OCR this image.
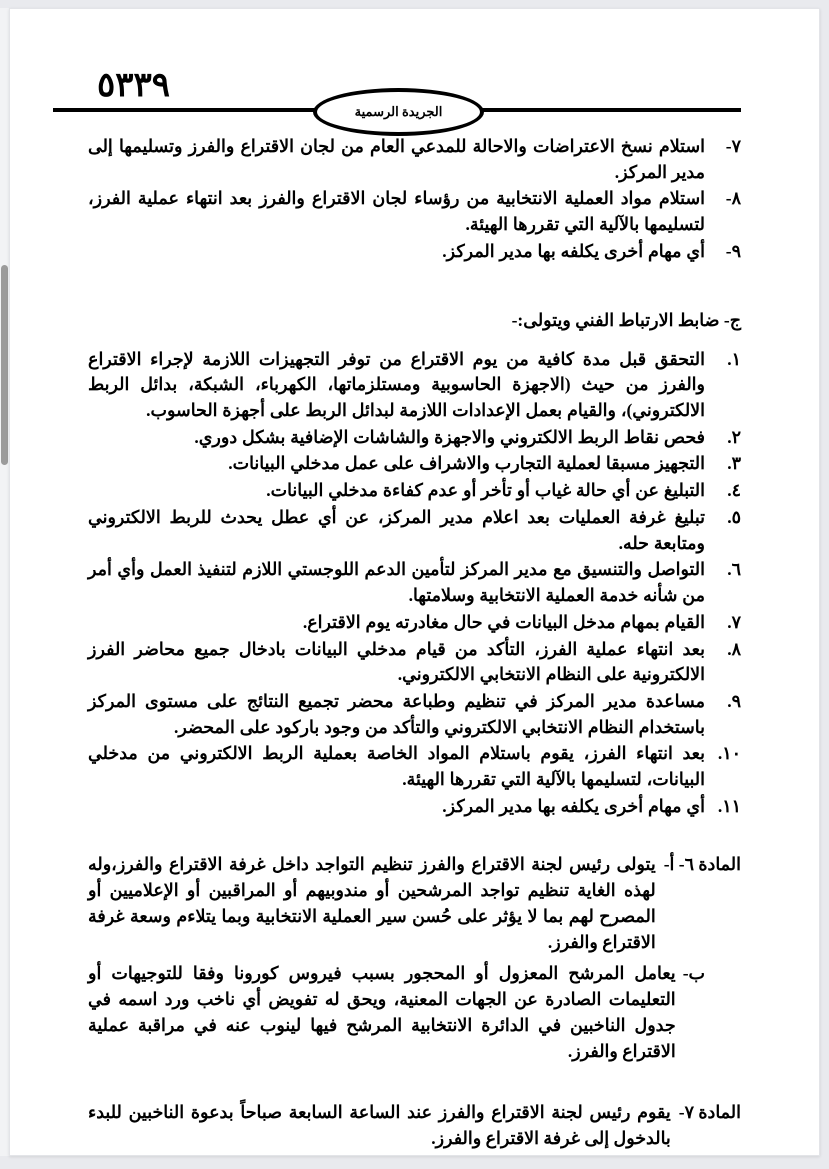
٥٣٣٩
الجريدة الرسمية
٧-
استلام نسخ الاعتراضات والاحالة للمدعي العام من لجان الاقتراع والفرز وتسليمها إلى مدير المركز.
٨-
استلام مواد العملية الانتخابية من رؤساء لجان الاقتراع والفرز بعد انتهاء عملية الفرز، لتسليمها بالآلية التي تقررها الهيئة.
٩-
أي مهام أخرى يكلفه بها مدير المركز.
ج- ضابط الارتباط الفني ويتولى:-
١.
التحقق قبل مدة كافية من يوم الاقتراع من توفر التجهيزات اللازمة لإجراء الاقتراع والفرز من حيث (الاجهزة الحاسوبية ومستلزماتها، الكهرباء، الشبكة، بدائل الربط الالكتروني)، والقيام بعمل الإعدادات اللازمة لبدائل الربط على أجهزة الحاسوب.
٢.
فحص نقاط الربط الالكتروني والاجهزة والشاشات الإضافية بشكل دوري.
٣.
التجهيز مسبقا لعملية التجارب والاشراف على عمل مدخلي البيانات.
٤.
التبليغ عن أي حالة غياب أو تأخر أو عدم كفاءة مدخلي البيانات.
٥.
تبليغ غرفة العمليات بعد اعلام مدير المركز، عن أي عطل يحدث للربط الالكتروني ومتابعة حله.
٦.
التواصل والتنسيق مع مدير المركز لتأمين الدعم اللوجستي اللازم لتنفيذ العمل وأي أمر من شأنه خدمة العملية الانتخابية وسلامتها.
٧.
القيام بمهام مدخل البيانات في حال مغادرته يوم الاقتراع.
٨.
بعد انتهاء عملية الفرز، التأكد من قيام مدخلي البيانات بادخال جميع محاضر الفرز الالكترونية على النظام الانتخابي الالكتروني.
٩.
مساعدة مدير المركز في تنظيم وطباعة محضر تجميع النتائج على مستوى المركز باستخدام النظام الانتخابي الالكتروني والتأكد من وجود باركود على المحضر.
١٠.
بعد انتهاء الفرز، يقوم باستلام المواد الخاصة بعملية الربط الالكتروني من مدخلي البيانات، لتسليمها بالآلية التي تقررها الهيئة.
١١.
أي مهام أخرى يكلفه بها مدير المركز.
المادة ٦- أ-
يتولى رئيس لجنة الاقتراع والفرز تنظيم التواجد داخل غرفة الاقتراع والفرز،وله لهذه الغاية تنظيم تواجد المرشحين أو مندوبيهم أو المراقبين أو الإعلاميين أو المصرح لهم بما لا يؤثر على حُسن سير العملية الانتخابية وبما يتلاءم وسعة غرفة الاقتراع والفرز.
ب-
يعامل المرشح المعزول أو المحجور بسبب فيروس كورونا وفقا للتوجيهات أو التعليمات الصادرة عن الجهات المعنية، ويحق له تفويض أي ناخب ورد اسمه في جدول الناخبين في الدائرة الانتخابية المرشح فيها لينوب عنه في مراقبة عملية الاقتراع والفرز.
المادة ٧-
يقوم رئيس لجنة الاقتراع والفرز عند الساعة السابعة صباحاً بدعوة الناخبين للبدء بالدخول إلى غرفة الاقتراع والفرز.
